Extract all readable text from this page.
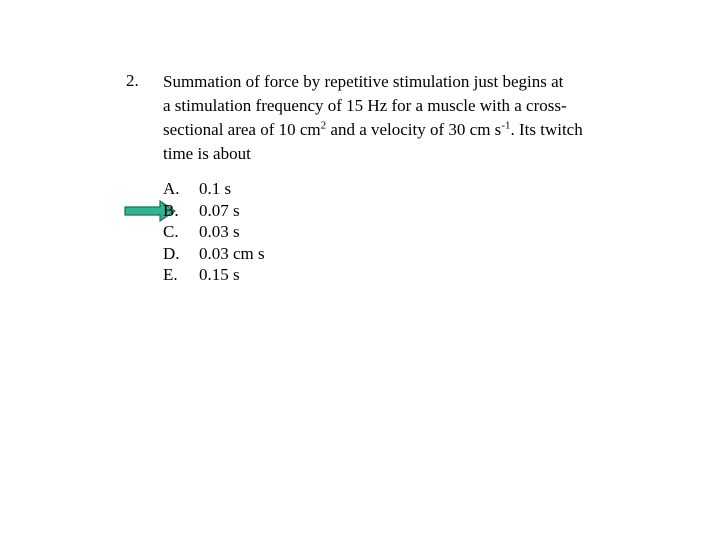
2. Summation of force by repetitive stimulation just begins at
a stimulation frequency of 15 Hz for a muscle with a cross-
sectional area of 10 $cm^2$ and a velocity of 30 cm $s^{-1}$. Its twitch
time is about
A.	0.1 s
B.	0.07 s
C.	0.03 s
D.	0.03 cm s
E.	0.15 s
